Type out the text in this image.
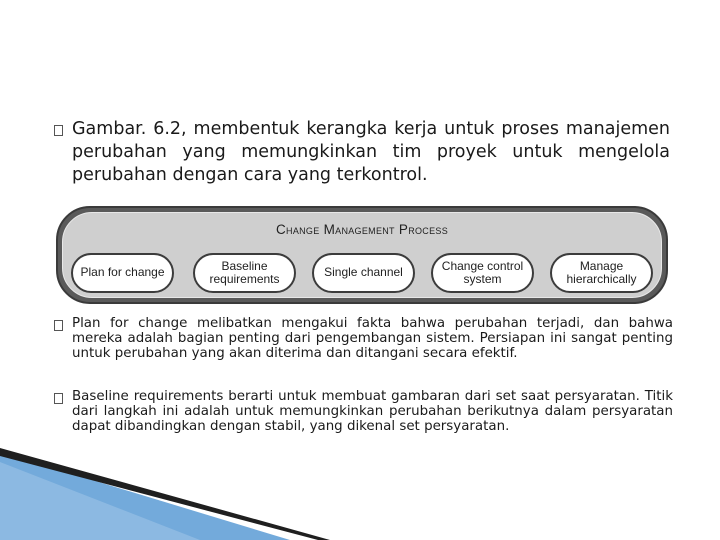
Gambar. 6.2, membentuk kerangka kerja untuk proses manajemen perubahan yang memungkinkan tim proyek untuk mengelola perubahan dengan cara yang terkontrol.
Change Management Process
Plan for change	Baseline requirements	Single channel	Change control system
Manage hierarchically
Plan for change melibatkan mengakui fakta bahwa perubahan terjadi, dan bahwa mereka adalah bagian penting dari pengembangan sistem. Persiapan ini sangat penting untuk perubahan yang akan diterima dan ditangani secara efektif.
Baseline requirements berarti untuk membuat gambaran dari set saat persyaratan. Titik dari langkah ini adalah untuk memungkinkan perubahan berikutnya dalam persyaratan dapat dibandingkan dengan stabil, yang dikenal set persyaratan.
